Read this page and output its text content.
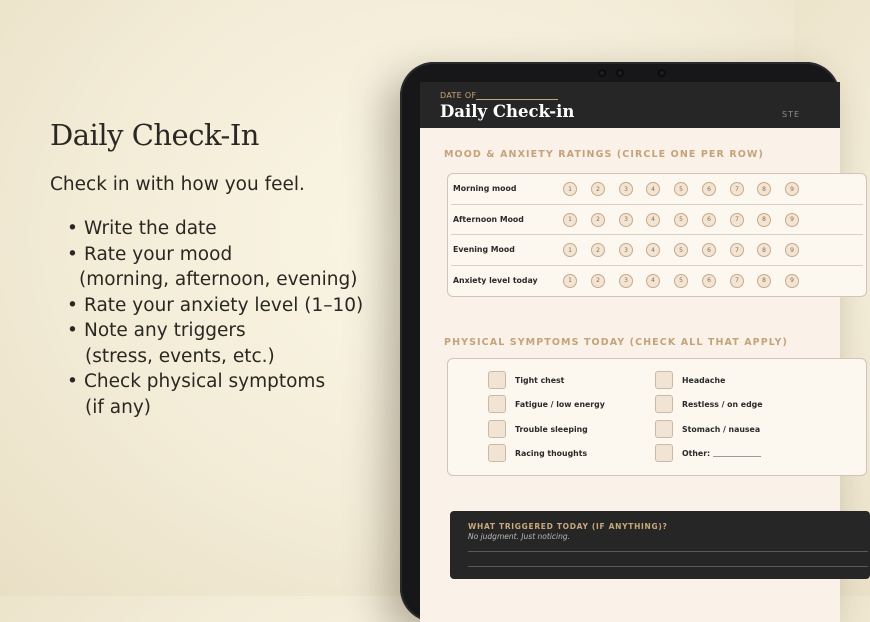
Daily Check-In

Check in with how you feel.

• Write the date
• Rate your mood
(morning, afternoon, evening)
• Rate your anxiety level (1–10)
• Note any triggers
(stress, events, etc.)
• Check physical symptoms
(if any)
DATE OF
Daily Check-in	STE
MOOD & ANXIETY RATINGS (CIRCLE ONE PER ROW)
Morning mood	1	2	3	4	5	6	7	8	9
Afternoon Mood	1	2	3	4	5	6	7	8	9
Evening Mood	1	2	3	4	5	6	7	8	9
Anxiety level today	1	2	3	4	5	6	7	8	9
PHYSICAL SYMPTOMS TODAY (CHECK ALL THAT APPLY)
Tight chest
Fatigue / low energy
Trouble sleeping
Racing thoughts
Headache
Restless / on edge
Stomach / nausea
Other:
WHAT TRIGGERED TODAY (IF ANYTHING)?
No judgment. Just noticing.
